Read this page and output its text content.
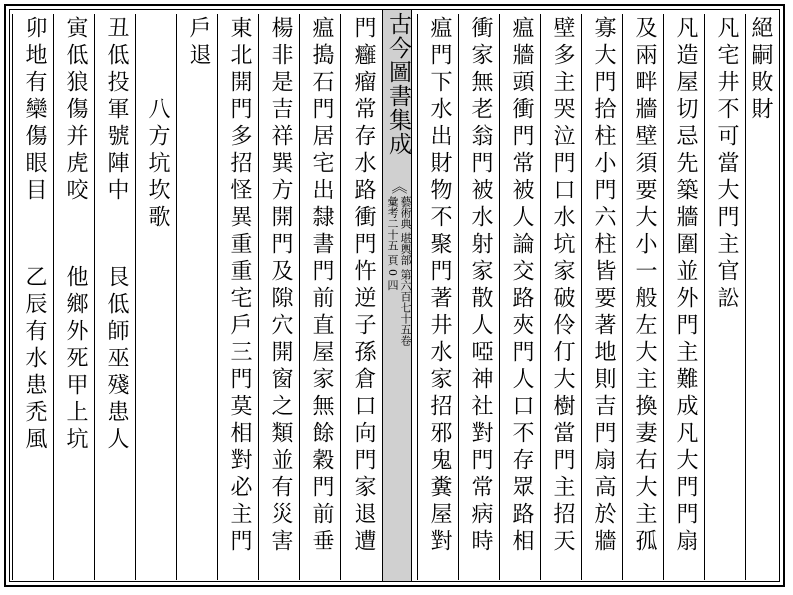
絕嗣敗財
凡宅井不可當大門主官訟
凡造屋切忌先築牆圍並外門主難成凡大門門扇
及兩畔牆壁須要大小一般左大主換妻右大主孤
寡大門拾柱小門六柱皆要著地則吉門扇高於牆
壁多主哭泣門口水坑家破伶仃大樹當門主招天
瘟牆頭衝門常被人論交路夾門人口不存眾路相
衝家無老翁門被水射家散人啞神社對門常病時
瘟門下水出財物不聚門著井水家招邪鬼糞屋對
古今圖書集成
《
藝術典 堪輿部 第六百七十五卷
彙考二十五 頁 0 四
門癰瘤常存水路衝門忤逆子孫倉口向門家退遭
瘟搗石門居宅出隸書門前直屋家無餘穀門前垂
楊非是吉祥巽方開門及隙穴開窗之類並有災害
東北開門多招怪異重重宅戶三門莫相對必主門
戶退
　　　八方坑坎歌
丑低投軍號陣中艮低師巫殘患人
寅低狼傷并虎咬他鄉外死甲上坑
卯地有欒傷眼目乙辰有水患禿風
